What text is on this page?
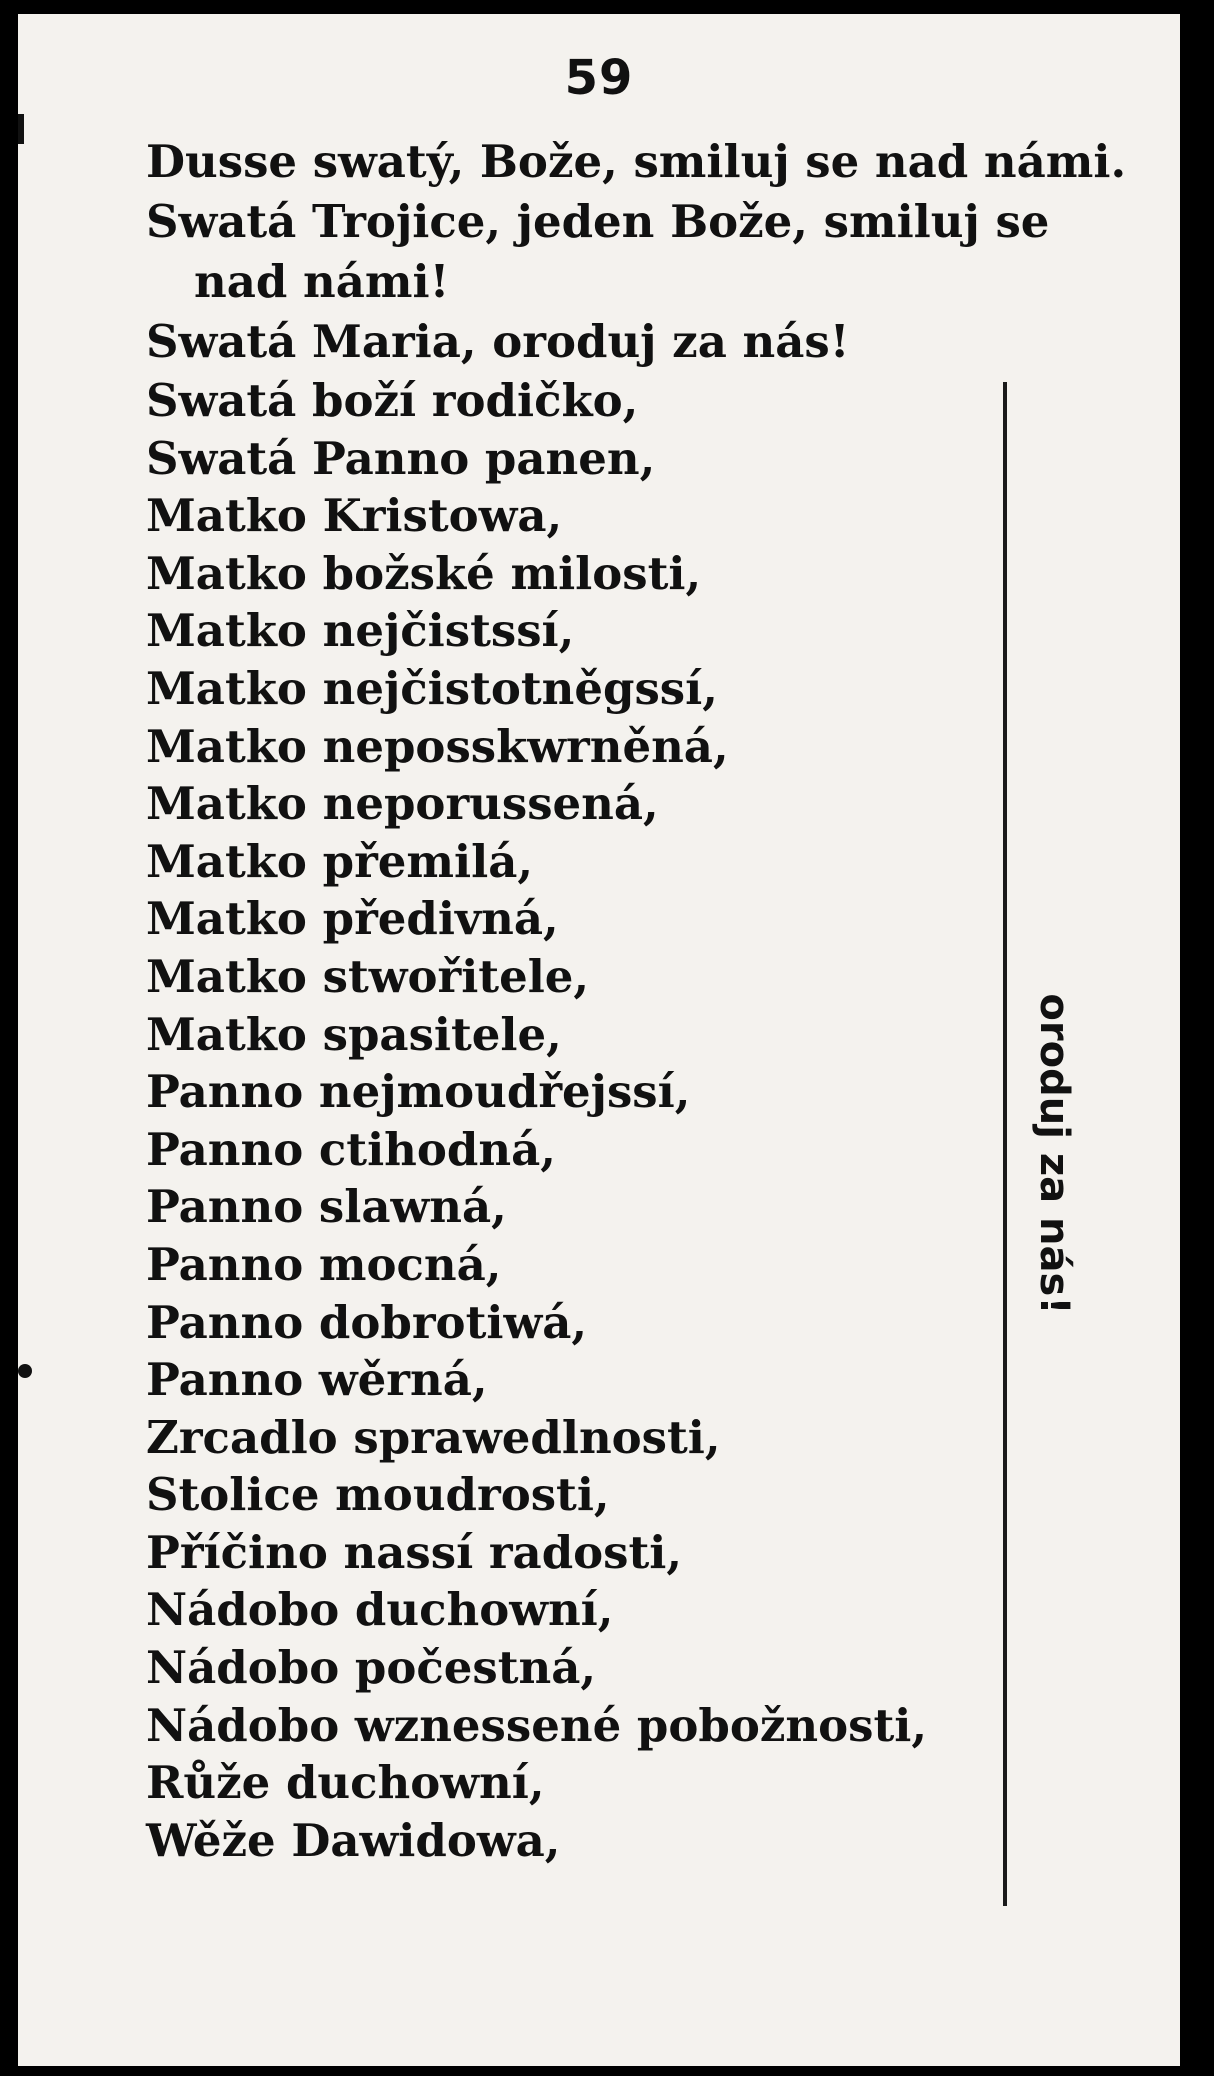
59
Dusse swatý, Bože, smiluj se nad námi.
Swatá Trojice, jeden Bože, smiluj se
nad námi!
Swatá Maria, oroduj za nás!
Swatá boží rodičko,
Swatá Panno panen,
Matko Kristowa,
Matko božské milosti,
Matko nejčistssí,
Matko nejčistotněgssí,
Matko neposskwrněná,
Matko neporussená,
Matko přemilá,
Matko předivná,
Matko stwořitele,
Matko spasitele,
Panno nejmoudřejssí,
Panno ctihodná,
Panno slawná,
Panno mocná,
Panno dobrotiwá,
Panno wěrná,
Zrcadlo sprawedlnosti,
Stolice moudrosti,
Příčino nassí radosti,
Nádobo duchowní,
Nádobo počestná,
Nádobo wznessené pobožnosti,
Růže duchowní,
Wěže Dawidowa,
oroduj za nás!
